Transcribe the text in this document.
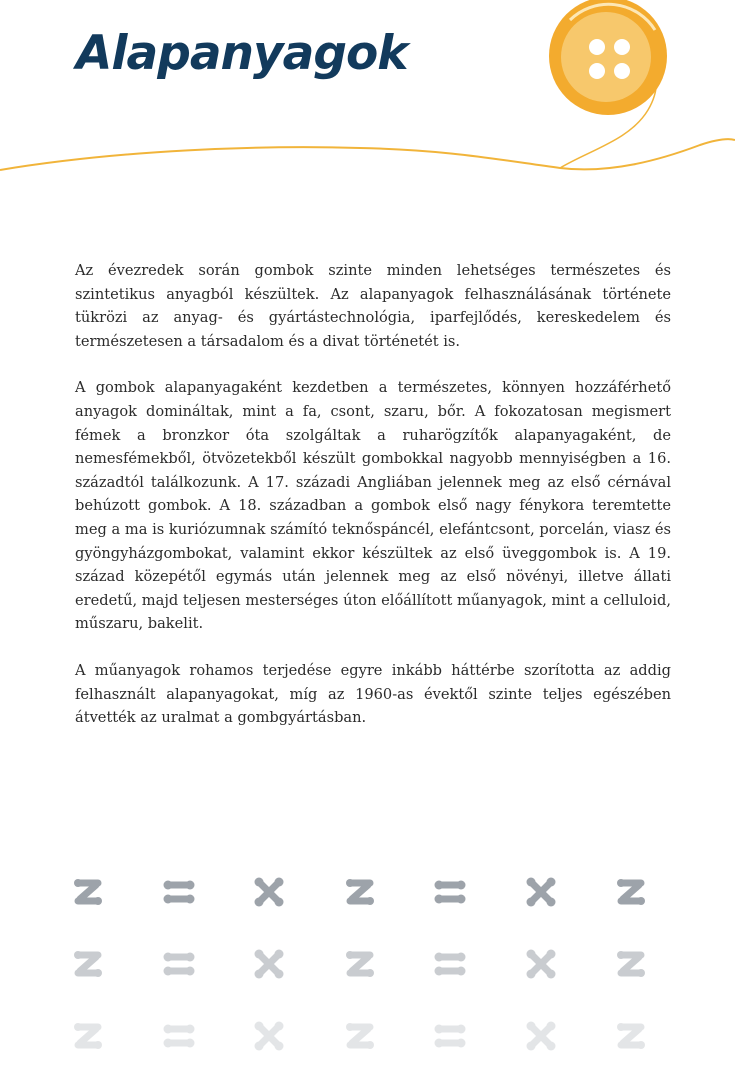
Alapanyagok

Az évezredek során gombok szinte minden lehetséges természetes és szintetikus anyagból készültek. Az alapanyagok felhasználásának története tükrözi az anyag- és gyártástechnológia, iparfejlődés, kereskedelem és természetesen a társadalom és a divat történetét is.

A gombok alapanyagaként kezdetben a természetes, könnyen hozzáférhető anyagok domináltak, mint a fa, csont, szaru, bőr. A fokozatosan megismert fémek a bronzkor óta szolgáltak a ruharögzítők alapanyagaként, de nemesfémekből, ötvözetekből készült gombokkal nagyobb mennyiségben a 16. századtól találkozunk. A 17. századi Angliában jelennek meg az első cérnával behúzott gombok. A 18. században a gombok első nagy fénykora teremtette meg a ma is kuriózumnak számító teknőspáncél, elefántcsont, porcelán, viasz és gyöngyházgombokat, valamint ekkor készültek az első üveggombok is. A 19. század közepétől egymás után jelennek meg az első növényi, illetve állati eredetű, majd teljesen mesterséges úton előállított műanyagok, mint a celluloid, műszaru, bakelit.

A műanyagok rohamos terjedése egyre inkább háttérbe szorította az addig felhasznált alapanyagokat, míg az 1960-as évektől szinte teljes egészében átvették az uralmat a gombgyártásban.
